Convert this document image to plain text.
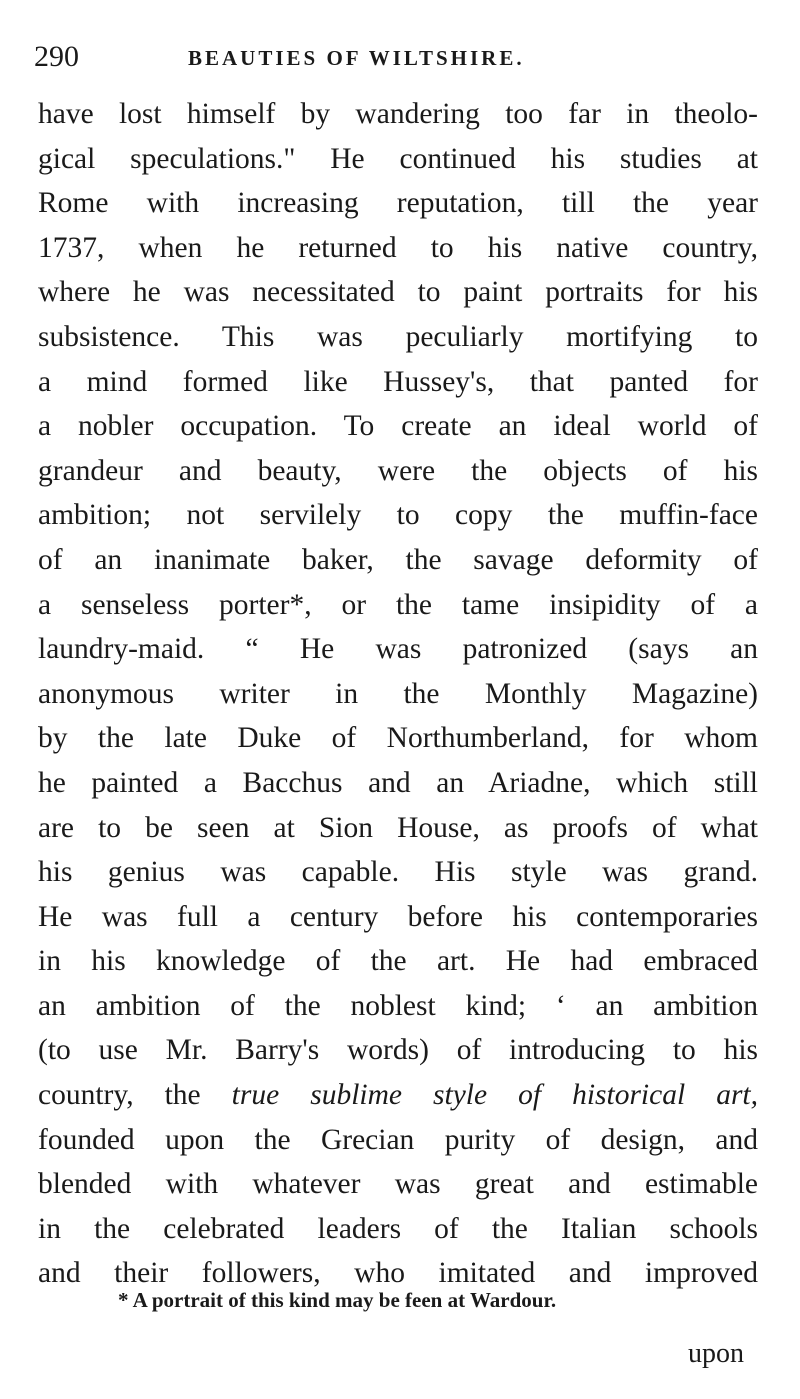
290	BEAUTIES OF WILTSHIRE.
have lost himself by wandering too far in theolo-
gical speculations." He continued his studies at
Rome with increasing reputation, till the year
1737, when he returned to his native country,
where he was necessitated to paint portraits for his
subsistence. This was peculiarly mortifying to
a mind formed like Hussey's, that panted for
a nobler occupation. To create an ideal world of
grandeur and beauty, were the objects of his
ambition; not servilely to copy the muffin-face
of an inanimate baker, the savage deformity of
a senseless porter*, or the tame insipidity of a
laundry-maid. “ He was patronized (says an
anonymous writer in the Monthly Magazine)
by the late Duke of Northumberland, for whom
he painted a Bacchus and an Ariadne, which still
are to be seen at Sion House, as proofs of what
his genius was capable. His style was grand.
He was full a century before his contemporaries
in his knowledge of the art. He had embraced
an ambition of the noblest kind; ‘ an ambition
(to use Mr. Barry's words) of introducing to his
country, the true sublime style of historical art,
founded upon the Grecian purity of design, and
blended with whatever was great and estimable
in the celebrated leaders of the Italian schools
and their followers, who imitated and improved
* A portrait of this kind may be feen at Wardour.
upon
